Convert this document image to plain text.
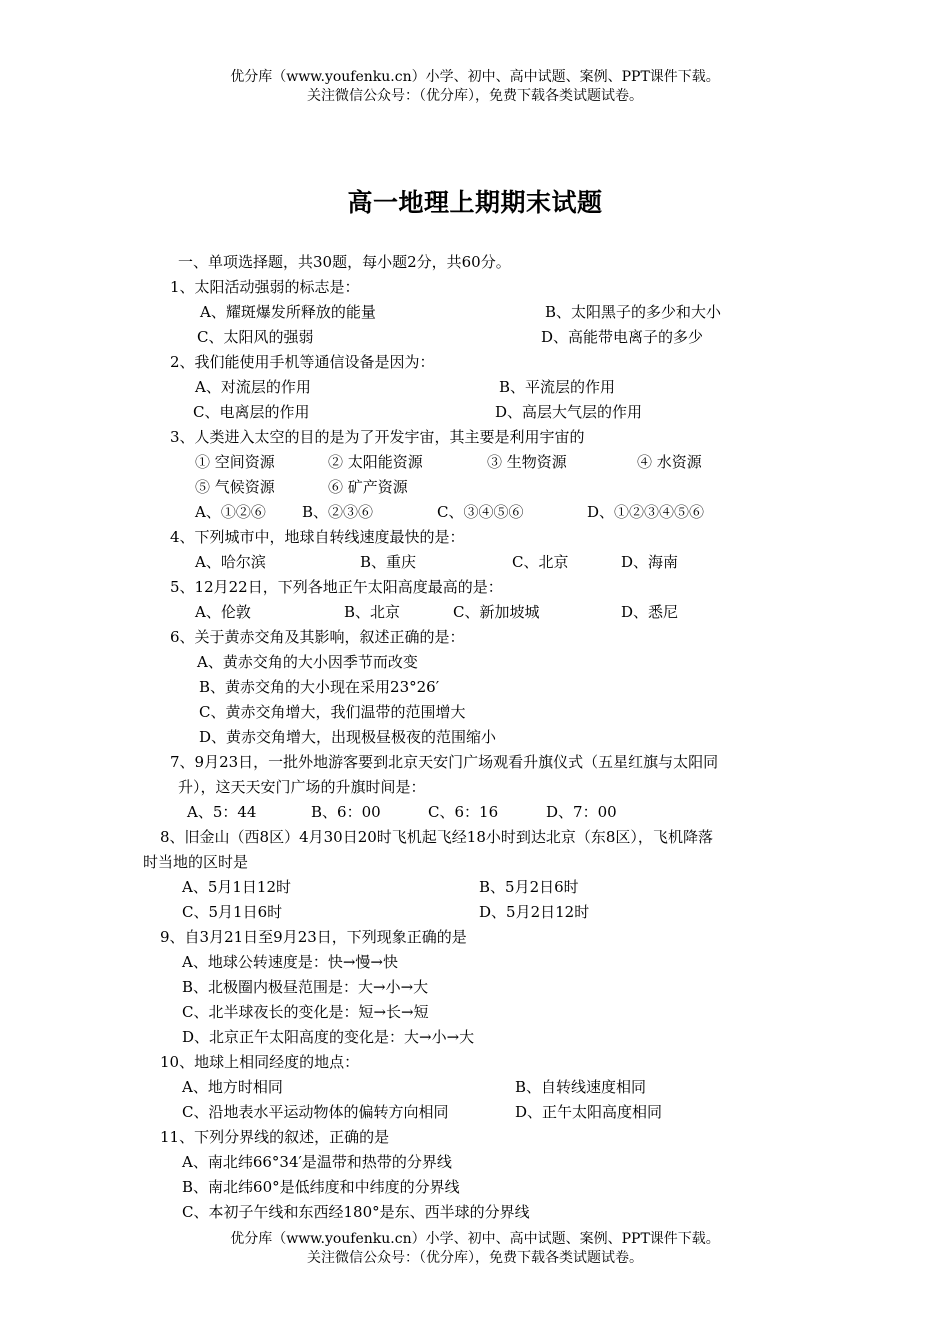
优分库（www.youfenku.cn）小学、初中、高中试题、案例、PPT课件下载。
关注微信公众号：（优分库），免费下载各类试题试卷。
高一地理上期期末试题
一、单项选择题，共30题，每小题2分，共60分。
1、太阳活动强弱的标志是：
A、耀斑爆发所释放的能量	B、太阳黑子的多少和大小
C、太阳风的强弱	D、高能带电离子的多少
2、我们能使用手机等通信设备是因为：
A、对流层的作用	B、平流层的作用
C、电离层的作用	D、高层大气层的作用
3、人类进入太空的目的是为了开发宇宙，其主要是利用宇宙的
① 空间资源	② 太阳能资源	③ 生物资源	④ 水资源
⑤ 气候资源	⑥ 矿产资源
A、①②⑥ B、②③⑥	C、③④⑤⑥	D、①②③④⑤⑥
4、下列城市中，地球自转线速度最快的是：
A、哈尔滨	B、重庆	C、北京	D、海南
5、12月22日，下列各地正午太阳高度最高的是：
A、伦敦	B、北京	C、新加坡城	D、悉尼
6、关于黄赤交角及其影响，叙述正确的是：
A、黄赤交角的大小因季节而改变
B、黄赤交角的大小现在采用23°26′
C、黄赤交角增大，我们温带的范围增大
D、黄赤交角增大，出现极昼极夜的范围缩小
7、9月23日，一批外地游客要到北京天安门广场观看升旗仪式（五星红旗与太阳同
升），这天天安门广场的升旗时间是：
A、5：44	B、6：00	C、6：16	D、7：00
8、旧金山（西8区）4月30日20时飞机起飞经18小时到达北京（东8区），飞机降落
时当地的区时是
A、5月1日12时	B、5月2日6时
C、5月1日6时	D、5月2日12时
9、自3月21日至9月23日，下列现象正确的是
A、地球公转速度是：快→慢→快
B、北极圈内极昼范围是：大→小→大
C、北半球夜长的变化是：短→长→短
D、北京正午太阳高度的变化是：大→小→大
10、地球上相同经度的地点：
A、地方时相同	B、自转线速度相同
C、沿地表水平运动物体的偏转方向相同	D、正午太阳高度相同
11、下列分界线的叙述，正确的是
A、南北纬66°34′是温带和热带的分界线
B、南北纬60°是低纬度和中纬度的分界线
C、本初子午线和东西经180°是东、西半球的分界线
优分库（www.youfenku.cn）小学、初中、高中试题、案例、PPT课件下载。
关注微信公众号：（优分库），免费下载各类试题试卷。
